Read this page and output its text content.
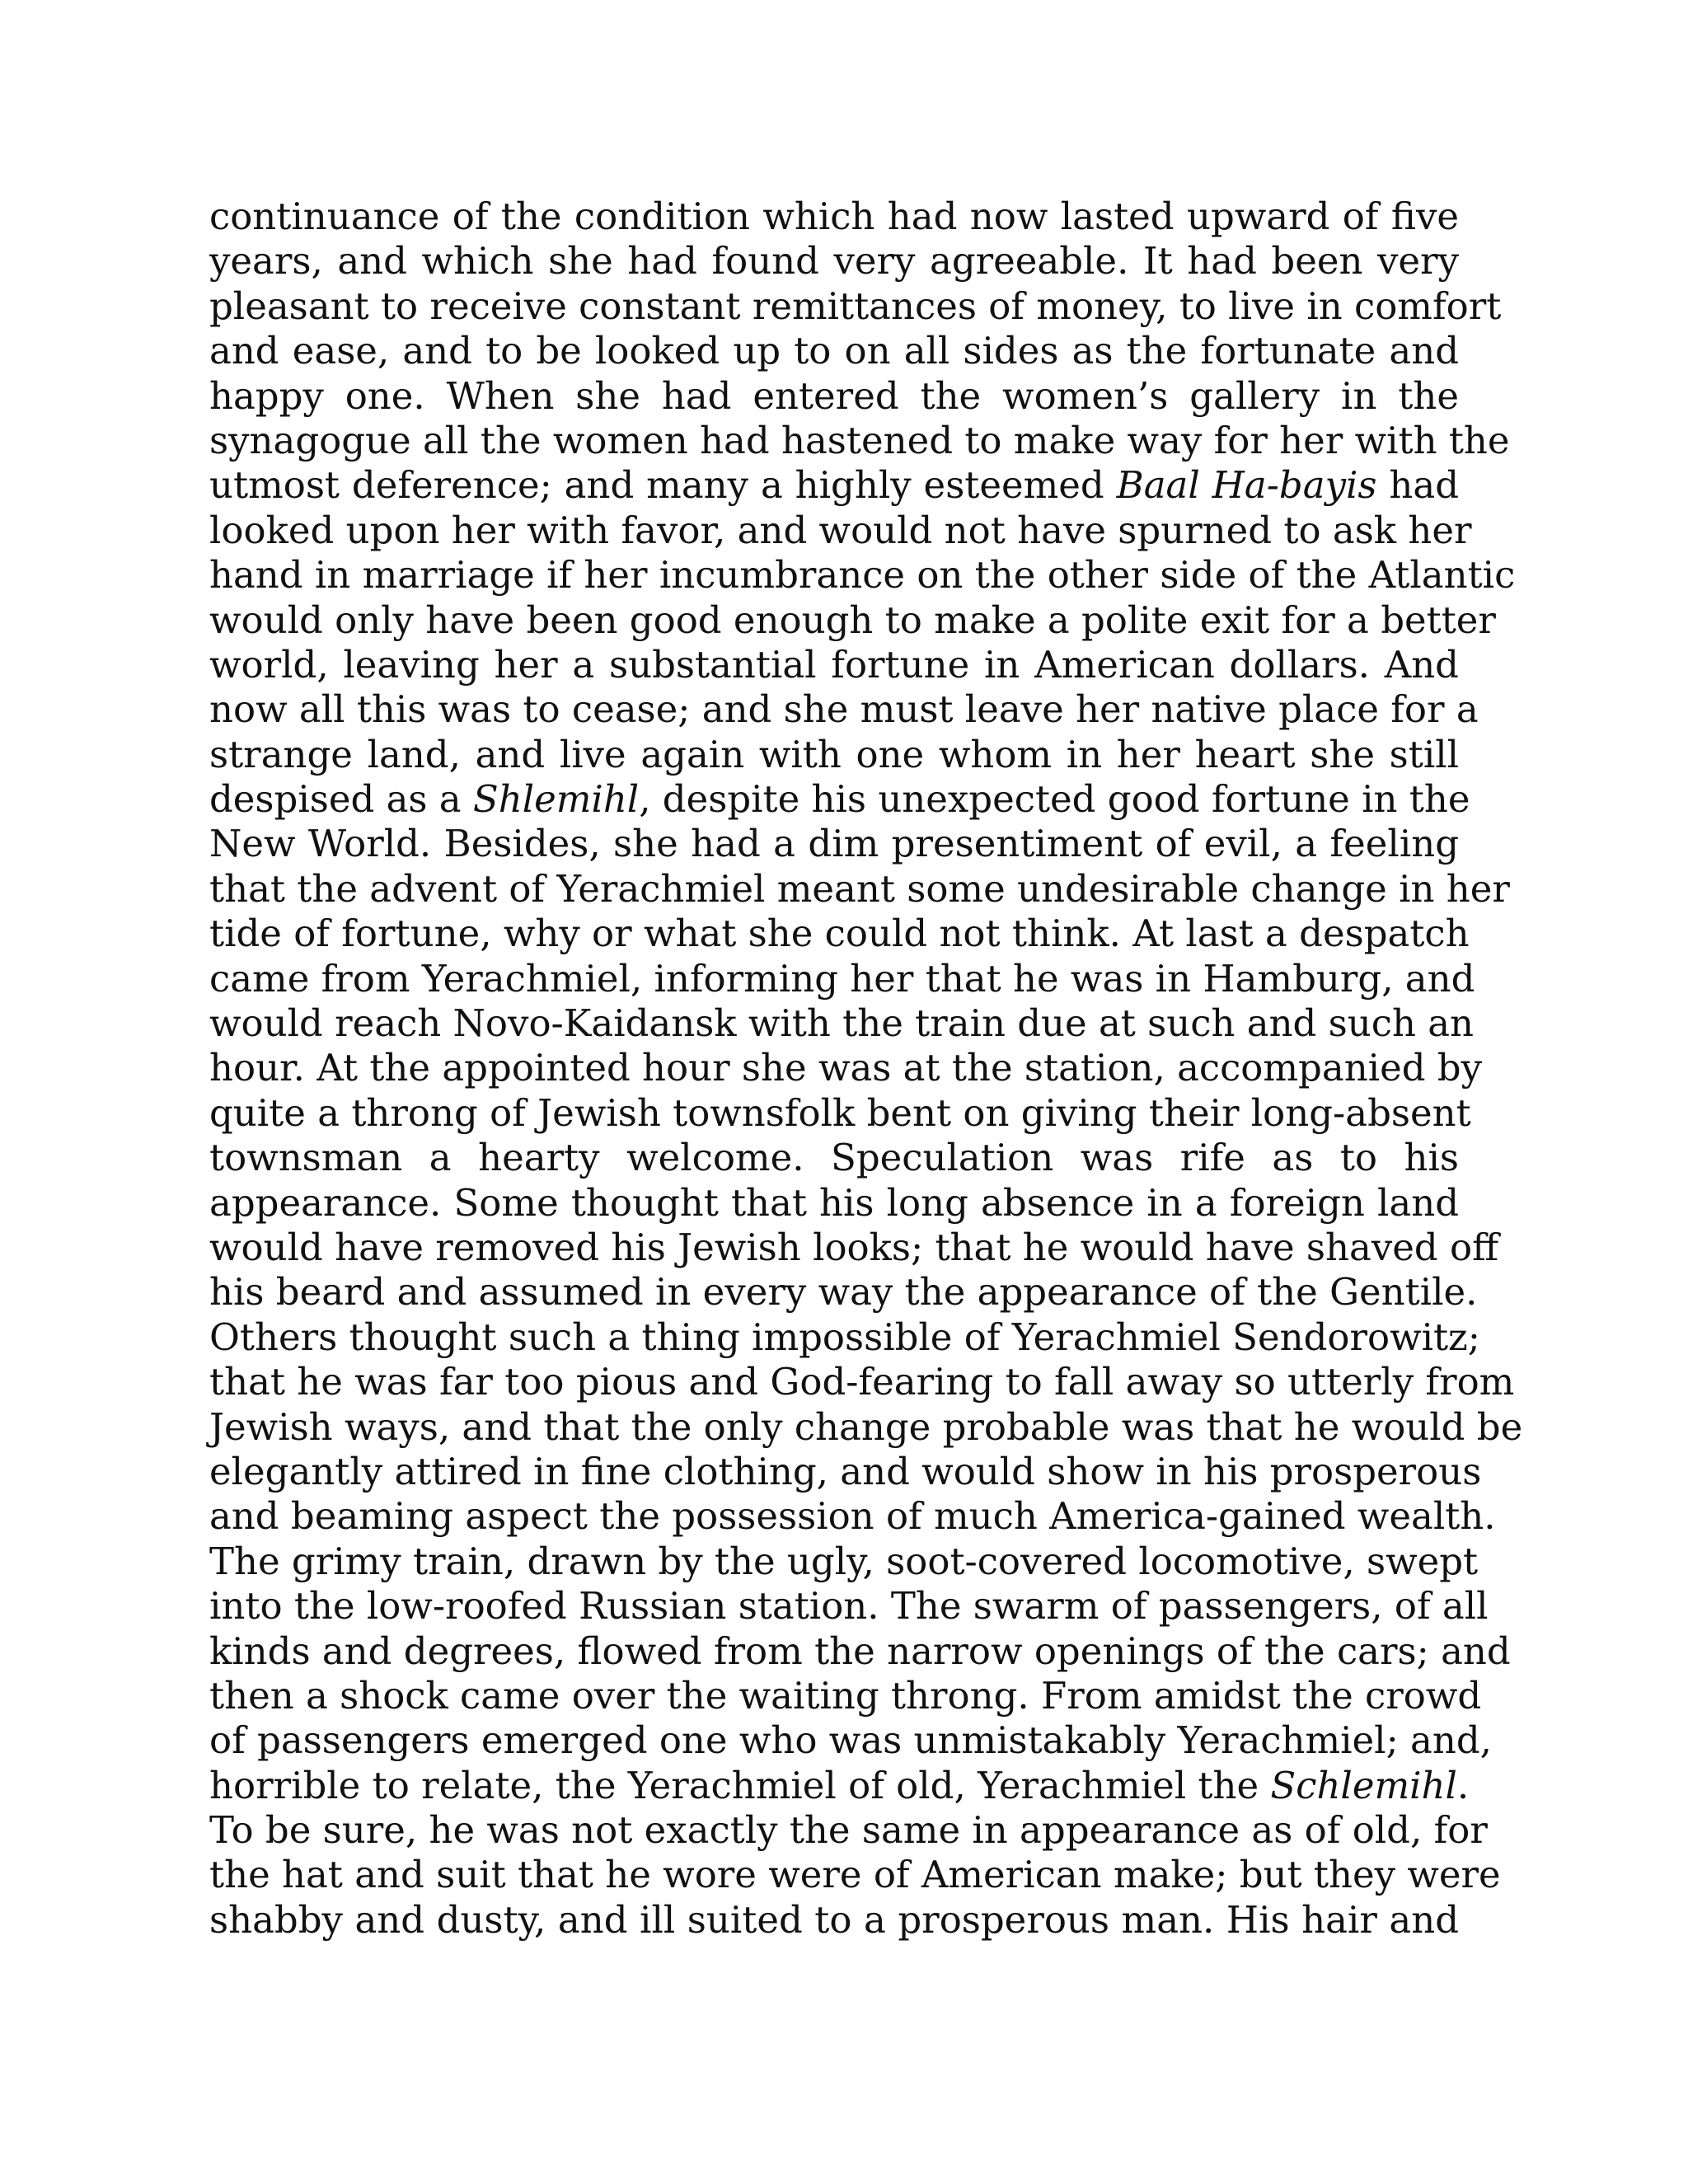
continuance of the condition which had now lasted upward of five
years, and which she had found very agreeable. It had been very
pleasant to receive constant remittances of money, to live in comfort
and ease, and to be looked up to on all sides as the fortunate and
happy one. When she had entered the women’s gallery in the
synagogue all the women had hastened to make way for her with the
utmost deference; and many a highly esteemed Baal Ha-bayis had
looked upon her with favor, and would not have spurned to ask her
hand in marriage if her incumbrance on the other side of the Atlantic
would only have been good enough to make a polite exit for a better
world, leaving her a substantial fortune in American dollars. And
now all this was to cease; and she must leave her native place for a
strange land, and live again with one whom in her heart she still
despised as a Shlemihl, despite his unexpected good fortune in the
New World. Besides, she had a dim presentiment of evil, a feeling
that the advent of Yerachmiel meant some undesirable change in her
tide of fortune, why or what she could not think. At last a despatch
came from Yerachmiel, informing her that he was in Hamburg, and
would reach Novo-Kaidansk with the train due at such and such an
hour. At the appointed hour she was at the station, accompanied by
quite a throng of Jewish townsfolk bent on giving their long-absent
townsman a hearty welcome. Speculation was rife as to his
appearance. Some thought that his long absence in a foreign land
would have removed his Jewish looks; that he would have shaved off
his beard and assumed in every way the appearance of the Gentile.
Others thought such a thing impossible of Yerachmiel Sendorowitz;
that he was far too pious and God-fearing to fall away so utterly from
Jewish ways, and that the only change probable was that he would be
elegantly attired in fine clothing, and would show in his prosperous
and beaming aspect the possession of much America-gained wealth.
The grimy train, drawn by the ugly, soot-covered locomotive, swept
into the low-roofed Russian station. The swarm of passengers, of all
kinds and degrees, flowed from the narrow openings of the cars; and
then a shock came over the waiting throng. From amidst the crowd
of passengers emerged one who was unmistakably Yerachmiel; and,
horrible to relate, the Yerachmiel of old, Yerachmiel the Schlemihl.
To be sure, he was not exactly the same in appearance as of old, for
the hat and suit that he wore were of American make; but they were
shabby and dusty, and ill suited to a prosperous man. His hair and
